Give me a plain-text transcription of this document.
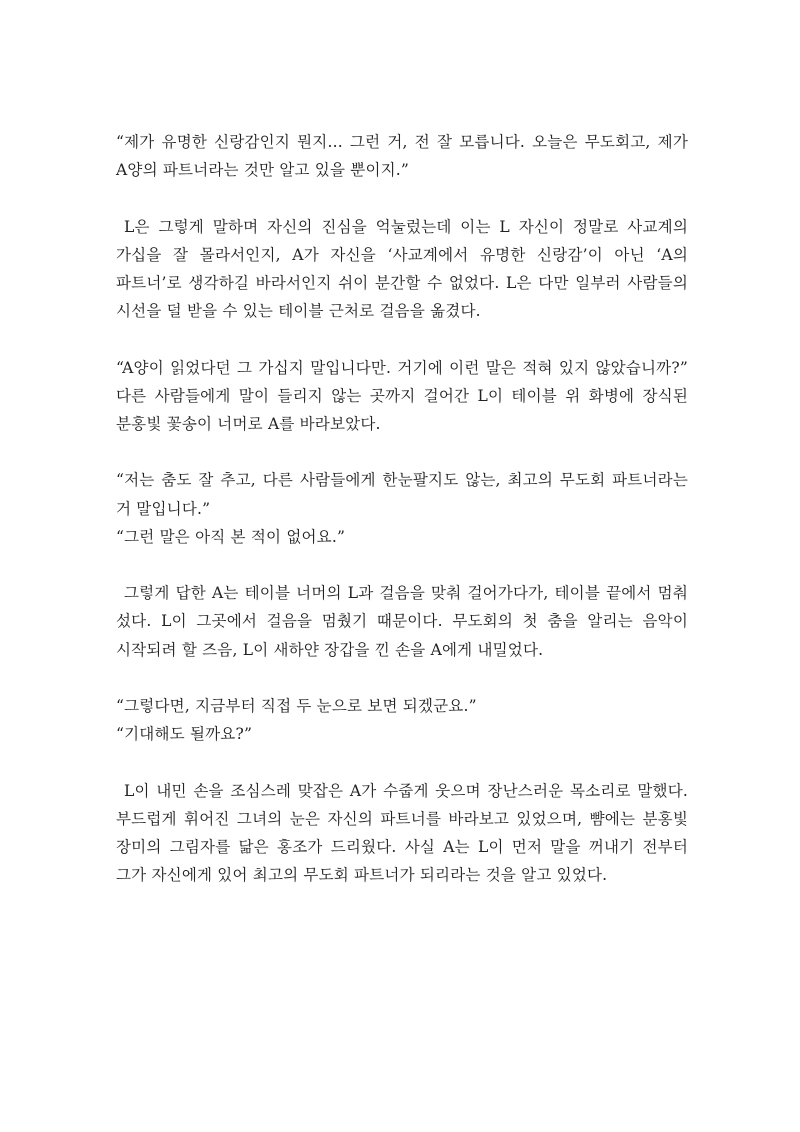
“제가 유명한 신랑감인지 뭔지... 그런 거, 전 잘 모릅니다. 오늘은 무도회고, 제가 A양의 파트너라는 것만 알고 있을 뿐이지.”

L은 그렇게 말하며 자신의 진심을 억눌렀는데 이는 L 자신이 정말로 사교계의 가십을 잘 몰라서인지, A가 자신을 ‘사교계에서 유명한 신랑감’이 아닌 ‘A의 파트너’로 생각하길 바라서인지 쉬이 분간할 수 없었다. L은 다만 일부러 사람들의 시선을 덜 받을 수 있는 테이블 근처로 걸음을 옮겼다.

“A양이 읽었다던 그 가십지 말입니다만. 거기에 이런 말은 적혀 있지 않았습니까?” 다른 사람들에게 말이 들리지 않는 곳까지 걸어간 L이 테이블 위 화병에 장식된 분홍빛 꽃송이 너머로 A를 바라보았다.

“저는 춤도 잘 추고, 다른 사람들에게 한눈팔지도 않는, 최고의 무도회 파트너라는 거 말입니다.”

“그런 말은 아직 본 적이 없어요.”

그렇게 답한 A는 테이블 너머의 L과 걸음을 맞춰 걸어가다가, 테이블 끝에서 멈춰 섰다. L이 그곳에서 걸음을 멈췄기 때문이다. 무도회의 첫 춤을 알리는 음악이 시작되려 할 즈음, L이 새하얀 장갑을 낀 손을 A에게 내밀었다.

“그렇다면, 지금부터 직접 두 눈으로 보면 되겠군요.”

“기대해도 될까요?”

L이 내민 손을 조심스레 맞잡은 A가 수줍게 웃으며 장난스러운 목소리로 말했다. 부드럽게 휘어진 그녀의 눈은 자신의 파트너를 바라보고 있었으며, 뺨에는 분홍빛 장미의 그림자를 닮은 홍조가 드리웠다. 사실 A는 L이 먼저 말을 꺼내기 전부터 그가 자신에게 있어 최고의 무도회 파트너가 되리라는 것을 알고 있었다.
